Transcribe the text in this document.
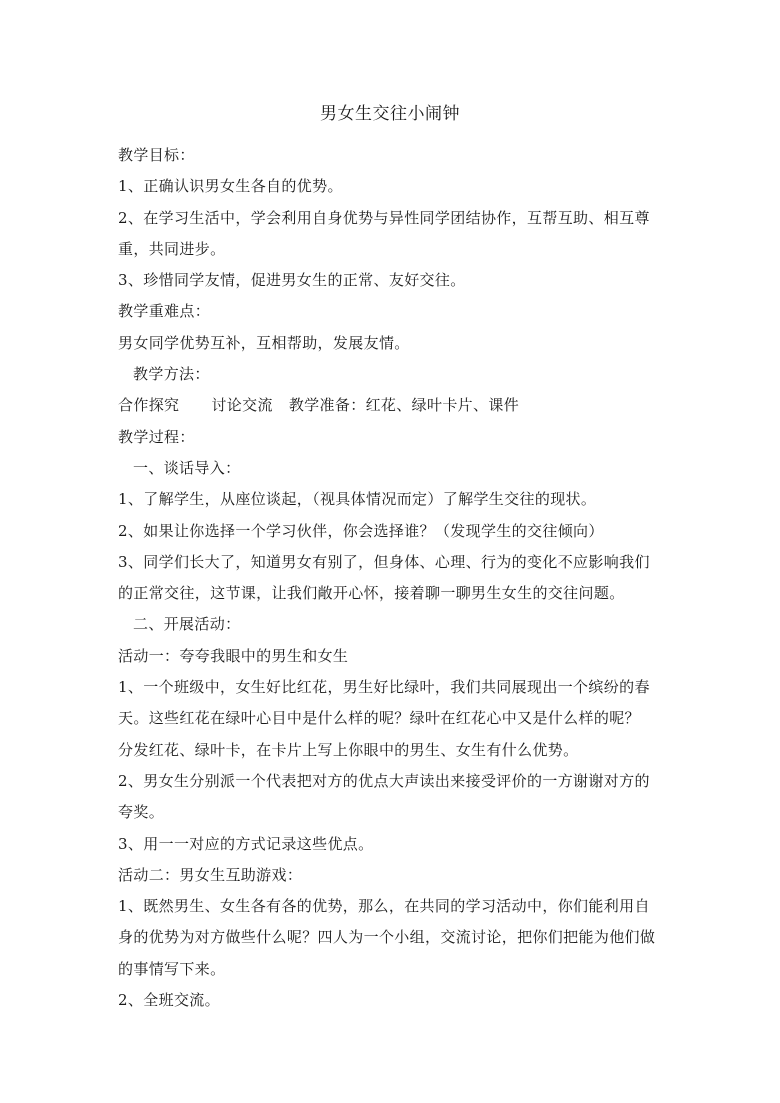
男女生交往小闹钟

教学目标：

1、正确认识男女生各自的优势。

2、在学习生活中，学会利用自身优势与异性同学团结协作，互帮互助、相互尊

重，共同进步。

3、珍惜同学友情，促进男女生的正常、友好交往。

教学重难点：

男女同学优势互补，互相帮助，发展友情。

教学方法：

合作探究 讨论交流 教学准备：红花、绿叶卡片、课件

教学过程：

一、谈话导入：

1、了解学生，从座位谈起，（视具体情况而定）了解学生交往的现状。

2、如果让你选择一个学习伙伴，你会选择谁？（发现学生的交往倾向）

3、同学们长大了，知道男女有别了，但身体、心理、行为的变化不应影响我们

的正常交往，这节课，让我们敞开心怀，接着聊一聊男生女生的交往问题。

二、开展活动：

活动一：夸夸我眼中的男生和女生

1、一个班级中，女生好比红花，男生好比绿叶，我们共同展现出一个缤纷的春

天。这些红花在绿叶心目中是什么样的呢？绿叶在红花心中又是什么样的呢？

分发红花、绿叶卡，在卡片上写上你眼中的男生、女生有什么优势。

2、男女生分别派一个代表把对方的优点大声读出来接受评价的一方谢谢对方的

夸奖。

3、用一一对应的方式记录这些优点。

活动二：男女生互助游戏：

1、既然男生、女生各有各的优势，那么，在共同的学习活动中，你们能利用自

身的优势为对方做些什么呢？四人为一个小组，交流讨论，把你们把能为他们做

的事情写下来。

2、全班交流。
